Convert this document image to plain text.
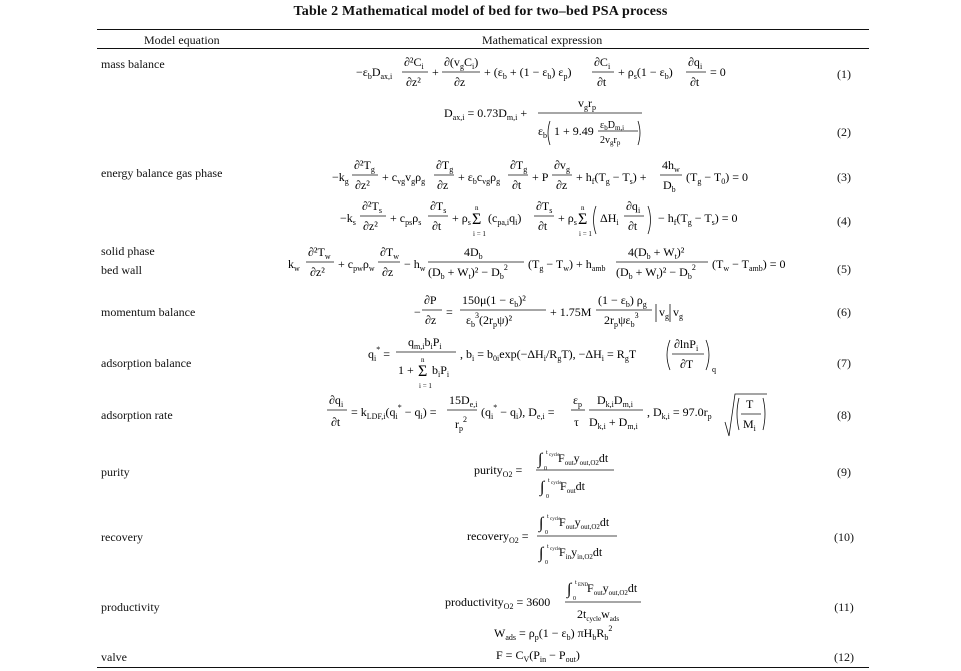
Table 2 Mathematical model of bed for two–bed PSA process
Model equation	Mathematical expression
mass balance
energy balance gas phase
solid phase
bed wall
momentum balance
adsorption balance
adsorption rate
purity
recovery
productivity
valve
(1)
(2)
(3)
(4)
(5)
(6)
(7)
(8)
(9)
(10)
(11)
(12)
$-\varepsilon_bD_{ax,i}$
$\partial^2C_i$
∂z²
+
$\partial(v_gC_i)$
∂z
+ ($\varepsilon_b + (1 - \varepsilon_b)$ $\varepsilon_p$)
$\partial C_i$
∂t
+ $\rho_s(1 - \varepsilon_b)$
$\partial q_i$
∂t
= 0
$D_{ax,i} = 0.73D_{m,i}$ +
$v_gr_p$
$\varepsilon_b$ 1 + 9.49 $\varepsilon_bD_{m,i}$
$2v_gr_p$
$-k_g$
$\partial^2T_g$
∂z²
+ $c_{vg}v_g\rho_g$
$\partial T_g$
∂z
+ $\varepsilon_bc_{vg}\rho_g$
$\partial T_g$
∂t
+ P
$\partial v_g$
∂z
+ $h_f(T_g - T_s)$ +
$4h_w$
$D_b$
$(T_g - T_0) = 0$
$-k_s$
$\partial^2T_s$
∂z²
+ $c_{ps}\rho_s$
$\partial T_s$
∂t
+ $\rho_s$ Σ
n
i = 1
$(c_{pa,i}q_i)$
$\partial T_s$
∂t
+ $\rho_s$ Σ
n
i = 1
$\Delta H_i$
$\partial q_i$
∂t
− $h_f(T_g - T_s) = 0$
$k_w$
$\partial^2T_w$
∂z²
+ $c_{pw}\rho_w$
$\partial T_w$
∂z
− $h_w$
$4D_b$
$(D_b + W_t)^2 - D_b^2$ $(T_g - T_w) + h_{amb}$
$4(D_b + W_t)^2$
$(D_b + W_t)^2 - D_b^2$ $(T_w - T_{amb}) = 0$
−
∂P
∂z
=
$150\mu(1 - \varepsilon_b)^2$
$\varepsilon_b^3(2r_p\psi)^2$
+ 1.75M
$(1 - \varepsilon_b)$ $\rho_g$
$2r_p\psi\varepsilon_b^3$ $v_g$ $v_g$
$q_i^*$ =
$q_{m,i}b_iP_i$
1 + Σ
n
i = 1
$b_iP_i$
, $b_i = b_{0i}\exp(-\Delta H_i/R_gT)$, $-\Delta H_i = R_gT$
∂lnP$_i$
∂T q
$\partial q_i$
∂t
= $k_{LDF,i}(q_i^* - q_i)$ =
$15D_{e,i}$
$r_p^2$
$(q_i^* - q_i)$, $D_{e,i}$ =
$\varepsilon_p$
τ
$D_{k,i}D_{m,i}$
$D_{k,i} + D_{m,i}$
, $D_{k,i} = 97.0r_p$
T
$M_i$
purity$_{O2}$ =
∫ t cycle
0
$F_{out}y_{out,O2}dt$
∫ t cycle
0
$F_{out}dt$
recovery$_{O2}$ =
∫ t cycle
0
$F_{out}y_{out,O2}dt$
∫ t cycle
0
$F_{in}y_{in,O2}dt$
productivity$_{O2}$ = 3600
∫ t END
0
$F_{out}y_{out,O2}dt$
$2t_{cycle}w_{ads}$
$W_{ads} = \rho_p(1 - \varepsilon_b)$ $\pi H_bR_b^2$
$F = C_V(P_{in} - P_{out})$
